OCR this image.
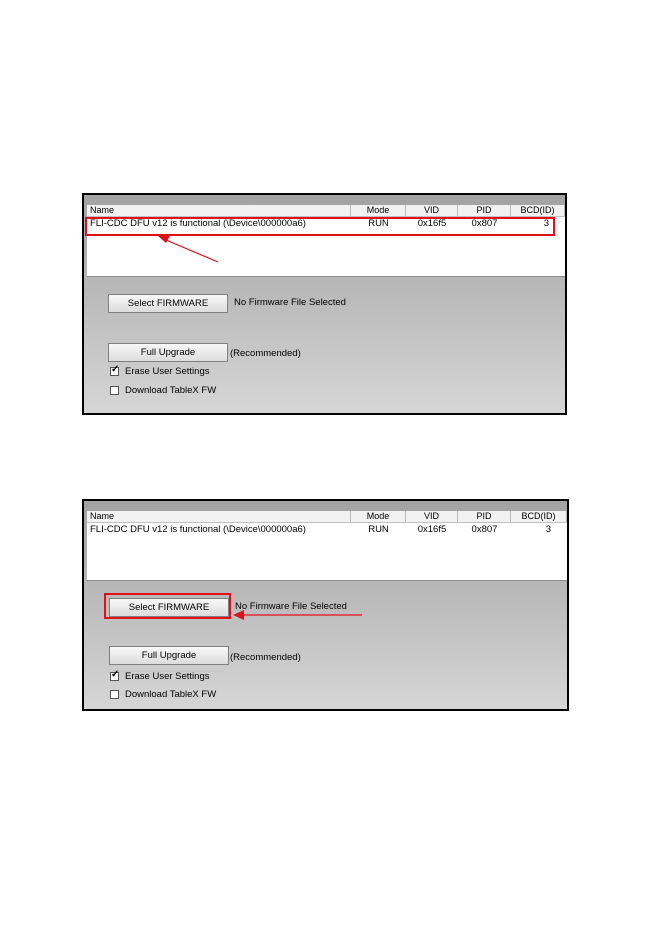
Name	Mode	VID	PID	BCD(ID)
FLI-CDC DFU v12 is functional (\Device\000000a6)	RUN	0x16f5	0x807	3
Select FIRMWARE	No Firmware File Selected
Full Upgrade	(Recommended)
✓ Erase User Settings
Download TableX FW
Name	Mode	VID	PID	BCD(ID)
FLI-CDC DFU v12 is functional (\Device\000000a6)	RUN	0x16f5	0x807	3
Select FIRMWARE	No Firmware File Selected
Full Upgrade	(Recommended)
✓ Erase User Settings
Download TableX FW
